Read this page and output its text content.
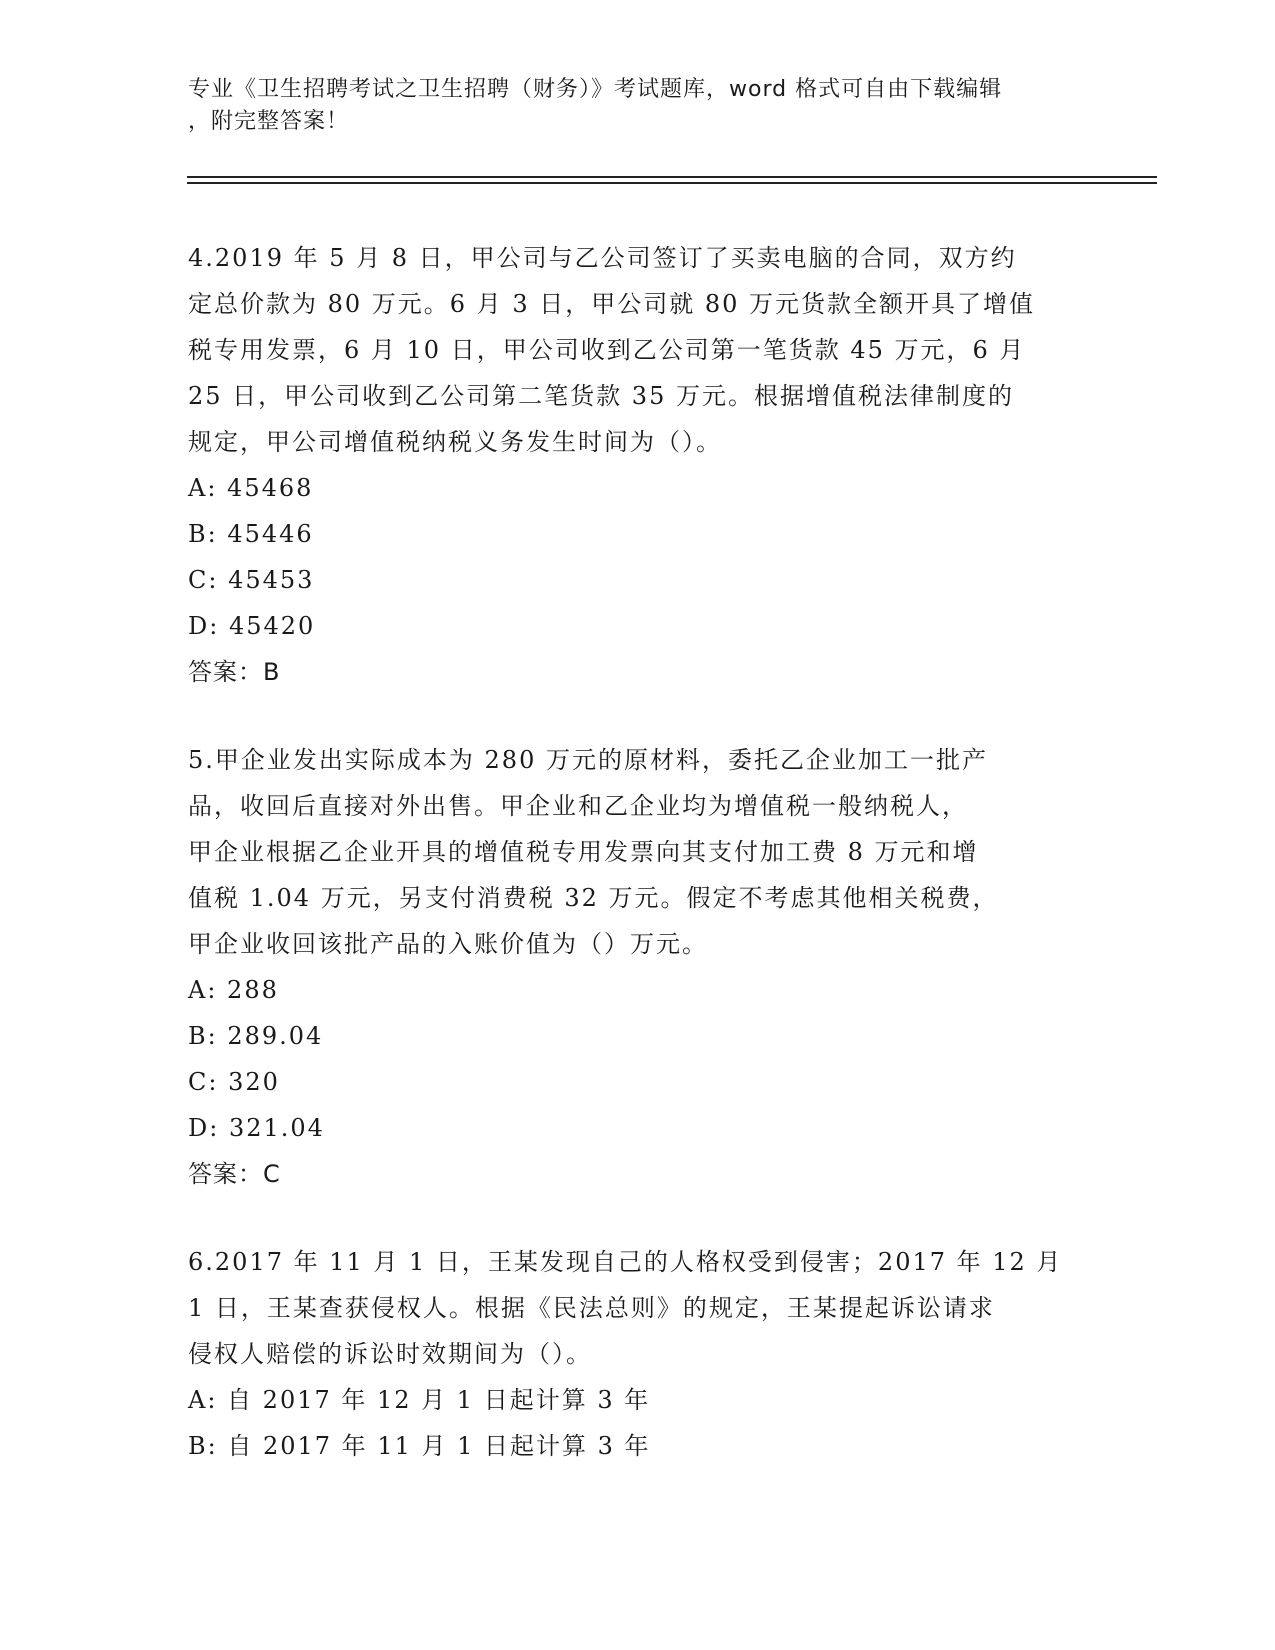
专业《卫生招聘考试之卫生招聘（财务）》考试题库，word 格式可自由下载编辑

，附完整答案！

4.2019 年 5 月 8 日，甲公司与乙公司签订了买卖电脑的合同，双方约

定总价款为 80 万元。6 月 3 日，甲公司就 80 万元货款全额开具了增值

税专用发票，6 月 10 日，甲公司收到乙公司第一笔货款 45 万元，6 月

25 日，甲公司收到乙公司第二笔货款 35 万元。根据增值税法律制度的

规定，甲公司增值税纳税义务发生时间为（）。

A: 45468

B: 45446

C: 45453

D: 45420

答案：B

5.甲企业发出实际成本为 280 万元的原材料，委托乙企业加工一批产

品，收回后直接对外出售。甲企业和乙企业均为增值税一般纳税人，

甲企业根据乙企业开具的增值税专用发票向其支付加工费 8 万元和增

值税 1.04 万元，另支付消费税 32 万元。假定不考虑其他相关税费，

甲企业收回该批产品的入账价值为（）万元。

A: 288

B: 289.04

C: 320

D: 321.04

答案：C

6.2017 年 11 月 1 日，王某发现自己的人格权受到侵害；2017 年 12 月

1 日，王某查获侵权人。根据《民法总则》的规定，王某提起诉讼请求

侵权人赔偿的诉讼时效期间为（）。

A: 自 2017 年 12 月 1 日起计算 3 年

B: 自 2017 年 11 月 1 日起计算 3 年
